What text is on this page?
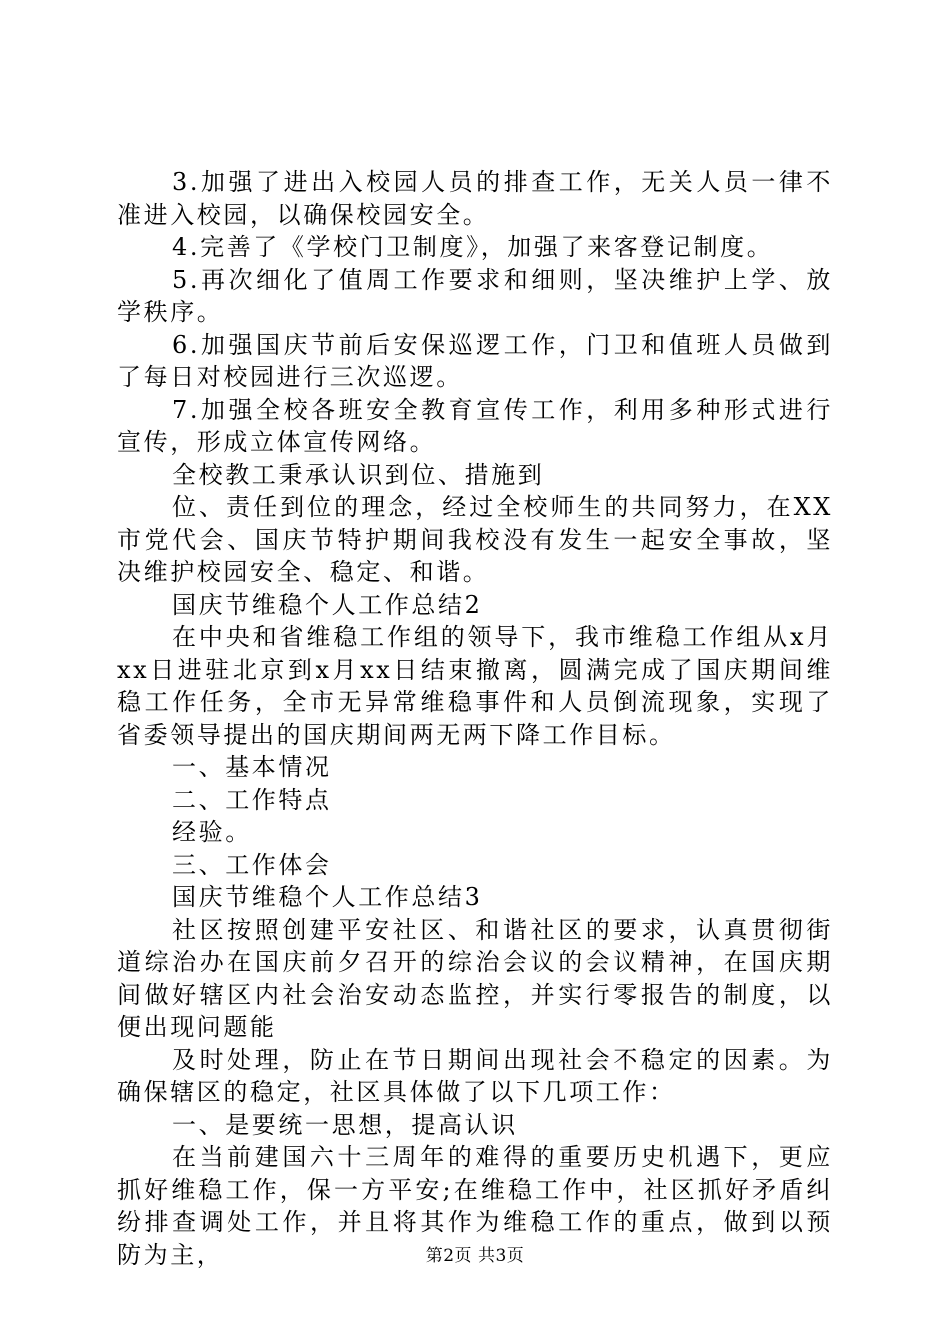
3.加强了进出入校园人员的排查工作，无关人员一律不准进入校园，以确保校园安全。

4.完善了《学校门卫制度》，加强了来客登记制度。

5.再次细化了值周工作要求和细则，坚决维护上学、放学秩序。

6.加强国庆节前后安保巡逻工作，门卫和值班人员做到了每日对校园进行三次巡逻。

7.加强全校各班安全教育宣传工作，利用多种形式进行宣传，形成立体宣传网络。

全校教工秉承认识到位、措施到

位、责任到位的理念，经过全校师生的共同努力，在XX市党代会、国庆节特护期间我校没有发生一起安全事故，坚决维护校园安全、稳定、和谐。

国庆节维稳个人工作总结2

在中央和省维稳工作组的领导下，我市维稳工作组从x月xx日进驻北京到x月xx日结束撤离，圆满完成了国庆期间维稳工作任务，全市无异常维稳事件和人员倒流现象，实现了省委领导提出的国庆期间两无两下降工作目标。

一、基本情况

二、工作特点

经验。

三、工作体会

国庆节维稳个人工作总结3

社区按照创建平安社区、和谐社区的要求，认真贯彻街道综治办在国庆前夕召开的综治会议的会议精神，在国庆期间做好辖区内社会治安动态监控，并实行零报告的制度，以便出现问题能

及时处理，防止在节日期间出现社会不稳定的因素。为确保辖区的稳定，社区具体做了以下几项工作：

一、是要统一思想，提高认识

在当前建国六十三周年的难得的重要历史机遇下，更应抓好维稳工作，保一方平安;在维稳工作中，社区抓好矛盾纠纷排查调处工作，并且将其作为维稳工作的重点，做到以预防为主，	第2页 共3页
